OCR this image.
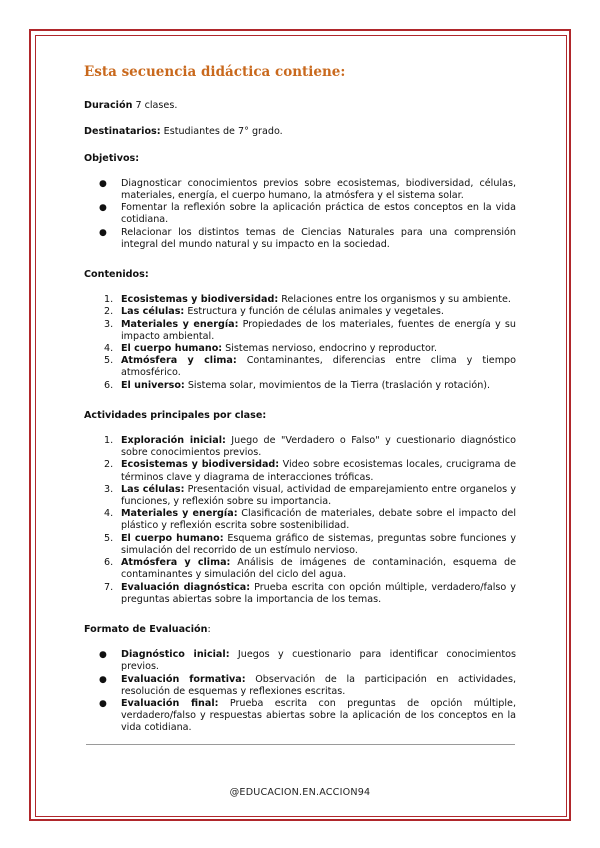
Esta secuencia didáctica contiene:
Duración 7 clases.
Destinatarios: Estudiantes de 7° grado.
Objetivos:
● Diagnosticar conocimientos previos sobre ecosistemas, biodiversidad, células, materiales, energía, el cuerpo humano, la atmósfera y el sistema solar.
● Fomentar la reflexión sobre la aplicación práctica de estos conceptos en la vida cotidiana.
● Relacionar los distintos temas de Ciencias Naturales para una comprensión integral del mundo natural y su impacto en la sociedad.
Contenidos:
1. Ecosistemas y biodiversidad: Relaciones entre los organismos y su ambiente.
2. Las células: Estructura y función de células animales y vegetales.
3. Materiales y energía: Propiedades de los materiales, fuentes de energía y su impacto ambiental.
4. El cuerpo humano: Sistemas nervioso, endocrino y reproductor.
5. Atmósfera y clima: Contaminantes, diferencias entre clima y tiempo atmosférico.
6. El universo: Sistema solar, movimientos de la Tierra (traslación y rotación).
Actividades principales por clase:
1. Exploración inicial: Juego de "Verdadero o Falso" y cuestionario diagnóstico sobre conocimientos previos.
2. Ecosistemas y biodiversidad: Video sobre ecosistemas locales, crucigrama de términos clave y diagrama de interacciones tróficas.
3. Las células: Presentación visual, actividad de emparejamiento entre organelos y funciones, y reflexión sobre su importancia.
4. Materiales y energía: Clasificación de materiales, debate sobre el impacto del plástico y reflexión escrita sobre sostenibilidad.
5. El cuerpo humano: Esquema gráfico de sistemas, preguntas sobre funciones y simulación del recorrido de un estímulo nervioso.
6. Atmósfera y clima: Análisis de imágenes de contaminación, esquema de contaminantes y simulación del ciclo del agua.
7. Evaluación diagnóstica: Prueba escrita con opción múltiple, verdadero/falso y preguntas abiertas sobre la importancia de los temas.
Formato de Evaluación:
● Diagnóstico inicial: Juegos y cuestionario para identificar conocimientos previos.
● Evaluación formativa: Observación de la participación en actividades, resolución de esquemas y reflexiones escritas.
● Evaluación final: Prueba escrita con preguntas de opción múltiple, verdadero/falso y respuestas abiertas sobre la aplicación de los conceptos en la vida cotidiana.
@EDUCACION.EN.ACCION94
